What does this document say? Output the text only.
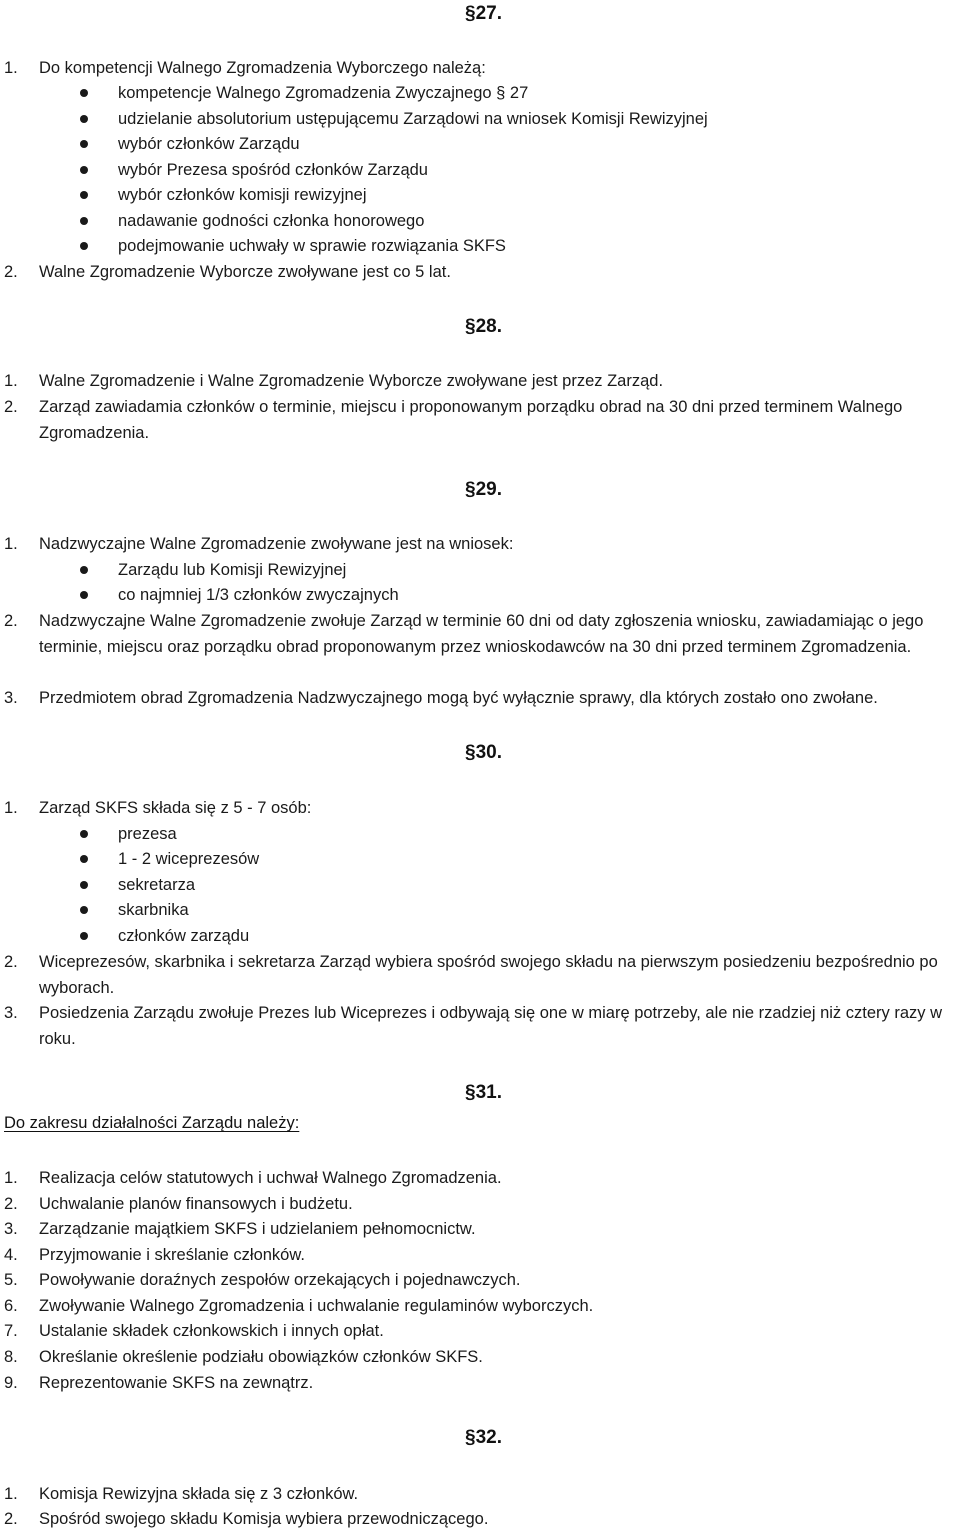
§27.
1. Do kompetencji Walnego Zgromadzenia Wyborczego należą:
kompetencje Walnego Zgromadzenia Zwyczajnego § 27
udzielanie absolutorium ustępującemu Zarządowi na wniosek Komisji Rewizyjnej
wybór członków Zarządu
wybór Prezesa spośród członków Zarządu
wybór członków komisji rewizyjnej
nadawanie godności członka honorowego
podejmowanie uchwały w sprawie rozwiązania SKFS
2. Walne Zgromadzenie Wyborcze zwoływane jest co 5 lat.
§28.
1. Walne Zgromadzenie i Walne Zgromadzenie Wyborcze zwoływane jest przez Zarząd.
2. Zarząd zawiadamia członków o terminie, miejscu i proponowanym porządku obrad na 30 dni przed terminem Walnego Zgromadzenia.
§29.
1. Nadzwyczajne Walne Zgromadzenie zwoływane jest na wniosek:
Zarządu lub Komisji Rewizyjnej
co najmniej 1/3 członków zwyczajnych
2. Nadzwyczajne Walne Zgromadzenie zwołuje Zarząd w terminie 60 dni od daty zgłoszenia wniosku, zawiadamiając o jego terminie, miejscu oraz porządku obrad proponowanym przez wnioskodawców na 30 dni przed terminem Zgromadzenia.
3. Przedmiotem obrad Zgromadzenia Nadzwyczajnego mogą być wyłącznie sprawy, dla których zostało ono zwołane.
§30.
1. Zarząd SKFS składa się z 5 - 7 osób:
prezesa
1 - 2 wiceprezesów
sekretarza
skarbnika
członków zarządu
2. Wiceprezesów, skarbnika i sekretarza Zarząd wybiera spośród swojego składu na pierwszym posiedzeniu bezpośrednio po wyborach.
3. Posiedzenia Zarządu zwołuje Prezes lub Wiceprezes i odbywają się one w miarę potrzeby, ale nie rzadziej niż cztery razy w roku.
§31.
Do zakresu działalności Zarządu należy:
1. Realizacja celów statutowych i uchwał Walnego Zgromadzenia.
2. Uchwalanie planów finansowych i budżetu.
3. Zarządzanie majątkiem SKFS i udzielaniem pełnomocnictw.
4. Przyjmowanie i skreślanie członków.
5. Powoływanie doraźnych zespołów orzekających i pojednawczych.
6. Zwoływanie Walnego Zgromadzenia i uchwalanie regulaminów wyborczych.
7. Ustalanie składek członkowskich i innych opłat.
8. Określanie określenie podziału obowiązków członków SKFS.
9. Reprezentowanie SKFS na zewnątrz.
§32.
1. Komisja Rewizyjna składa się z 3 członków.
2. Spośród swojego składu Komisja wybiera przewodniczącego.
